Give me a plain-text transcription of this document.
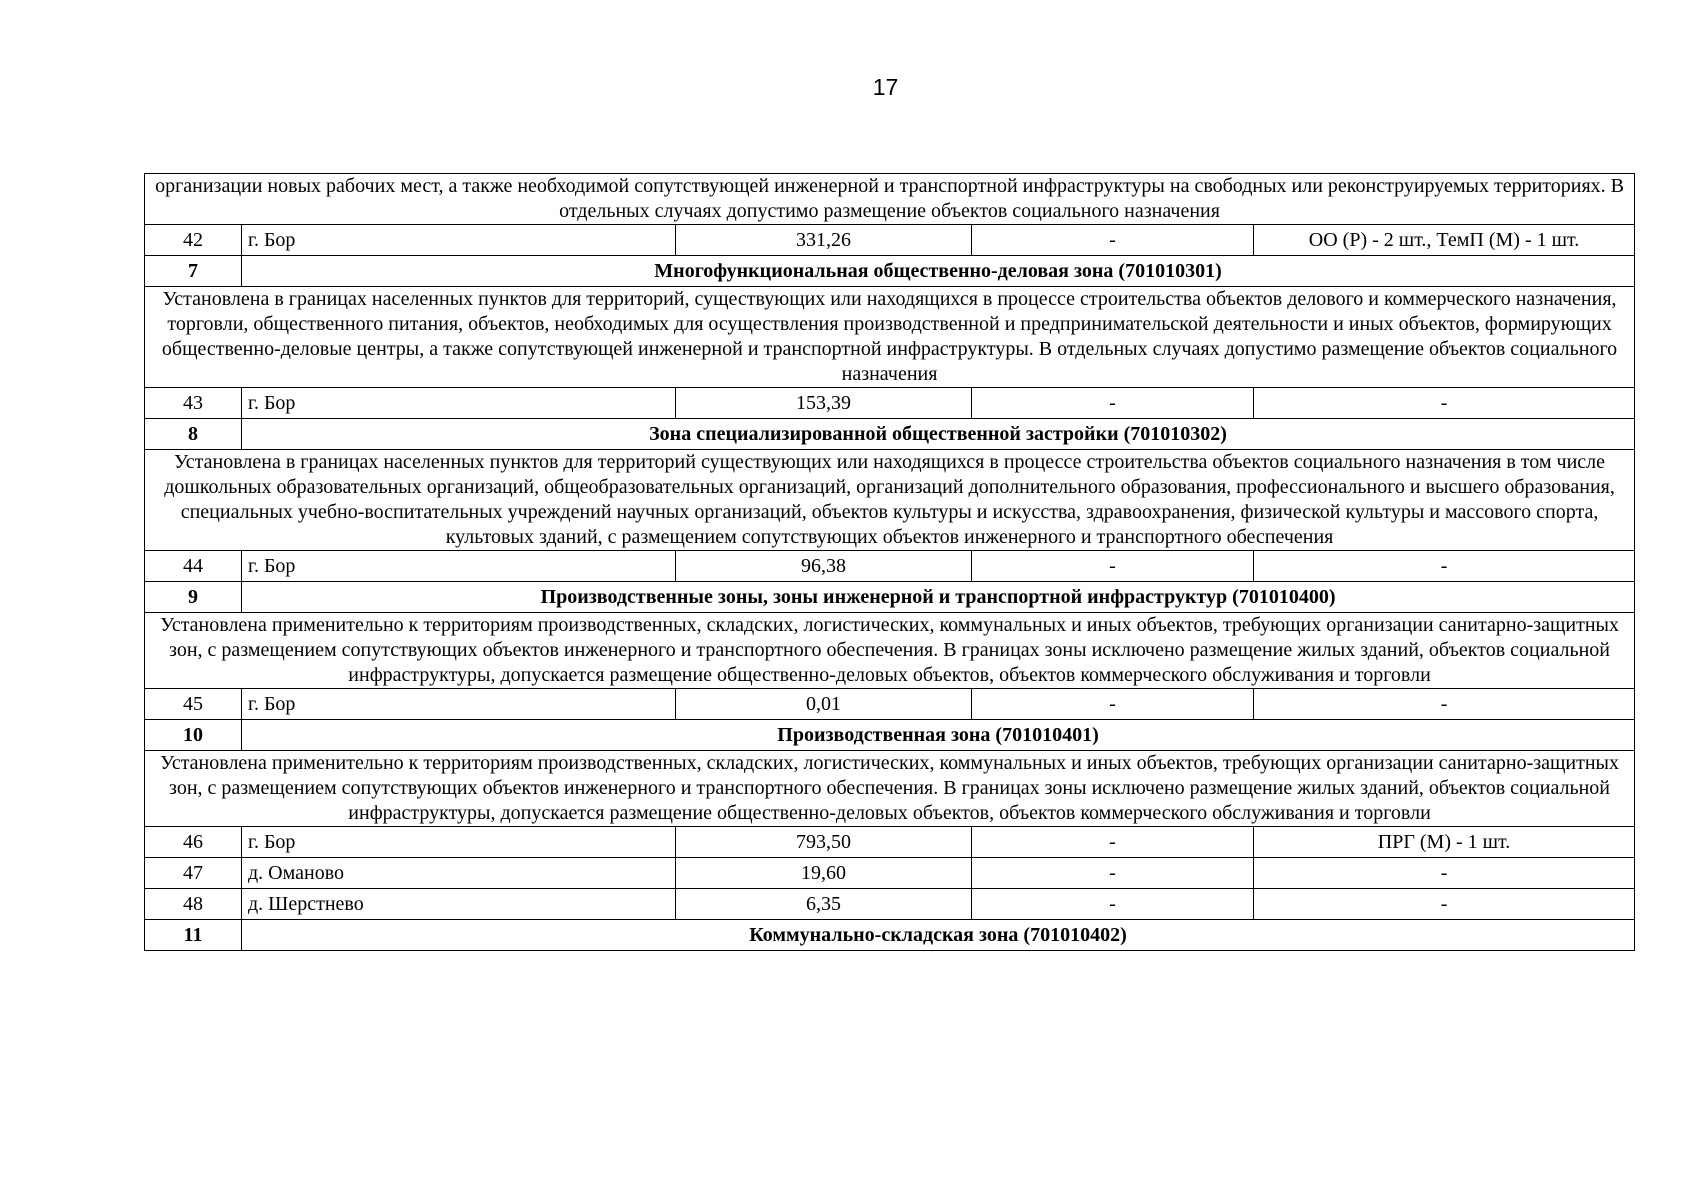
17
организации новых рабочих мест, а также необходимой сопутствующей инженерной и транспортной инфраструктуры на свободных или реконструируемых территориях. В отдельных случаях допустимо размещение объектов социального назначения				
42	г. Бор	331,26	-	ОО (Р) - 2 шт., ТемП (М) - 1 шт.
7	Многофункциональная общественно-деловая зона (701010301)			
Установлена в границах населенных пунктов для территорий, существующих или находящихся в процессе строительства объектов делового и коммерческого назначения, торговли, общественного питания, объектов, необходимых для осуществления производственной и предпринимательской деятельности и иных объектов, формирующих общественно-деловые центры, а также сопутствующей инженерной и транспортной инфраструктуры. В отдельных случаях допустимо размещение объектов социального назначения				
43	г. Бор	153,39	-	-
8	Зона специализированной общественной застройки (701010302)			
Установлена в границах населенных пунктов для территорий существующих или находящихся в процессе строительства объектов социального назначения в том числе дошкольных образовательных организаций, общеобразовательных организаций, организаций дополнительного образования, профессионального и высшего образования, специальных учебно-воспитательных учреждений научных организаций, объектов культуры и искусства, здравоохранения, физической культуры и массового спорта, культовых зданий, с размещением сопутствующих объектов инженерного и транспортного обеспечения				
44	г. Бор	96,38	-	-
9	Производственные зоны, зоны инженерной и транспортной инфраструктур (701010400)			
Установлена применительно к территориям производственных, складских, логистических, коммунальных и иных объектов, требующих организации санитарно-защитных зон, с размещением сопутствующих объектов инженерного и транспортного обеспечения. В границах зоны исключено размещение жилых зданий, объектов социальной инфраструктуры, допускается размещение общественно-деловых объектов, объектов коммерческого обслуживания и торговли				
45	г. Бор	0,01	-	-
10	Производственная зона (701010401)			
Установлена применительно к территориям производственных, складских, логистических, коммунальных и иных объектов, требующих организации санитарно-защитных зон, с размещением сопутствующих объектов инженерного и транспортного обеспечения. В границах зоны исключено размещение жилых зданий, объектов социальной инфраструктуры, допускается размещение общественно-деловых объектов, объектов коммерческого обслуживания и торговли				
46	г. Бор	793,50	-	ПРГ (М) - 1 шт.
47	д. Оманово	19,60	-	-
48	д. Шерстнево	6,35	-	-
11	Коммунально-складская зона (701010402)			
